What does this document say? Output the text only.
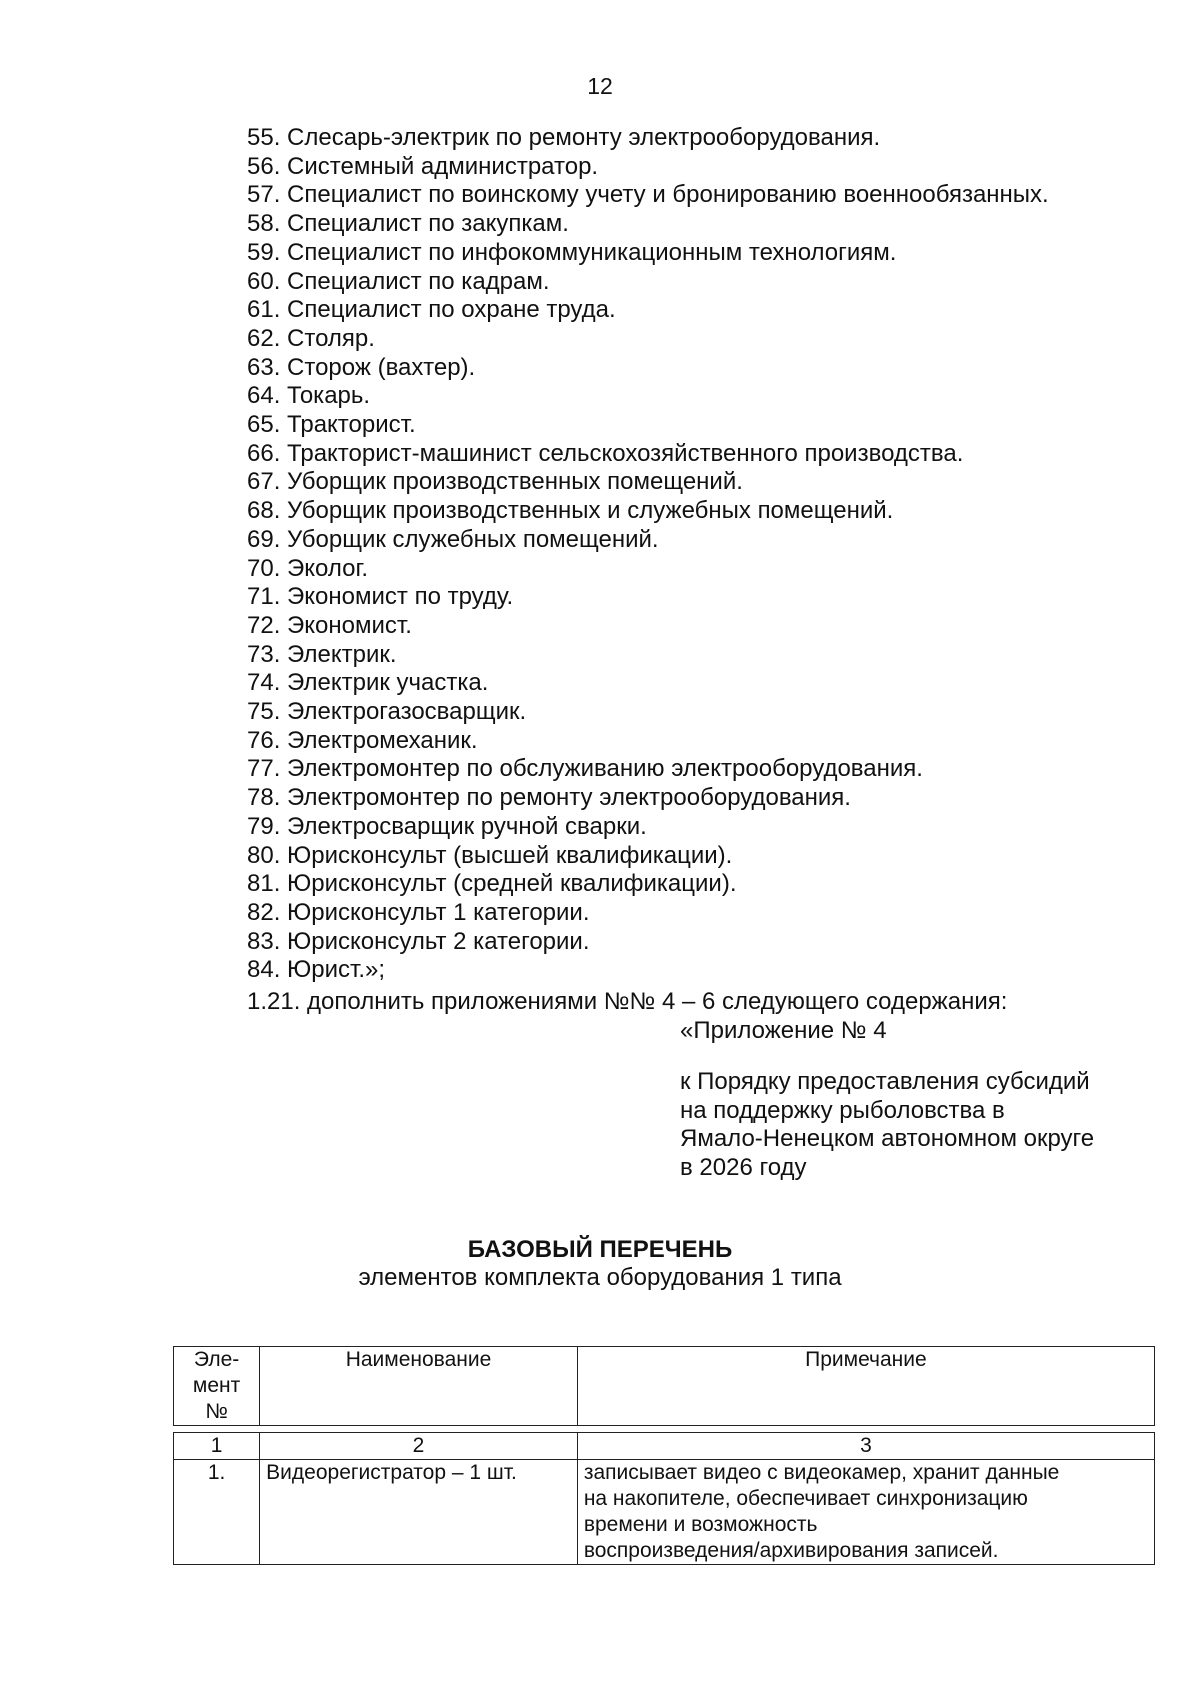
12
55. Слесарь-электрик по ремонту электрооборудования.
56. Системный администратор.
57. Специалист по воинскому учету и бронированию военнообязанных.
58. Специалист по закупкам.
59. Специалист по инфокоммуникационным технологиям.
60. Специалист по кадрам.
61. Специалист по охране труда.
62. Столяр.
63. Сторож (вахтер).
64. Токарь.
65. Тракторист.
66. Тракторист-машинист сельскохозяйственного производства.
67. Уборщик производственных помещений.
68. Уборщик производственных и служебных помещений.
69. Уборщик служебных помещений.
70. Эколог.
71. Экономист по труду.
72. Экономист.
73. Электрик.
74. Электрик участка.
75. Электрогазосварщик.
76. Электромеханик.
77. Электромонтер по обслуживанию электрооборудования.
78. Электромонтер по ремонту электрооборудования.
79. Электросварщик ручной сварки.
80. Юрисконсульт (высшей квалификации).
81. Юрисконсульт (средней квалификации).
82. Юрисконсульт 1 категории.
83. Юрисконсульт 2 категории.
84. Юрист.»;
1.21. дополнить приложениями №№ 4 – 6 следующего содержания:
«Приложение № 4
к Порядку предоставления субсидий
на поддержку рыболовства в
Ямало-Ненецком автономном округе
в 2026 году
БАЗОВЫЙ ПЕРЕЧЕНЬ
элементов комплекта оборудования 1 типа
Эле-
мент
№
	Наименование	Примечание
1	2	3
1.	Видеорегистратор – 1 шт.	записывает видео с видеокамер, хранит данные
на накопителе, обеспечивает синхронизацию
времени и возможность
воспроизведения/архивирования записей.
